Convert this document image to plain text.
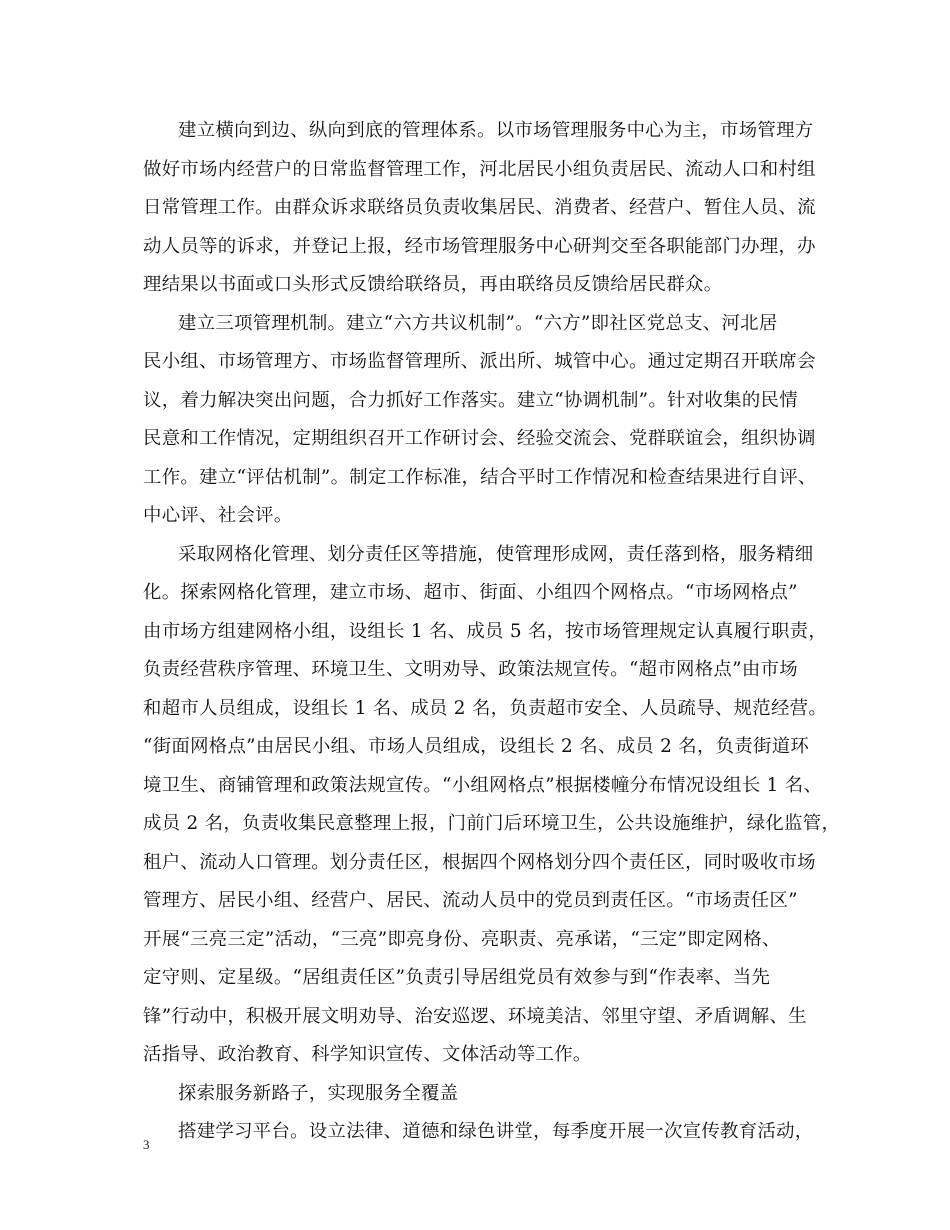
建立横向到边、纵向到底的管理体系。以市场管理服务中心为主，市场管理方
做好市场内经营户的日常监督管理工作，河北居民小组负责居民、流动人口和村组
日常管理工作。由群众诉求联络员负责收集居民、消费者、经营户、暂住人员、流
动人员等的诉求，并登记上报，经市场管理服务中心研判交至各职能部门办理，办
理结果以书面或口头形式反馈给联络员，再由联络员反馈给居民群众。

建立三项管理机制。建立“六方共议机制”。“六方”即社区党总支、河北居
民小组、市场管理方、市场监督管理所、派出所、城管中心。通过定期召开联席会
议，着力解决突出问题，合力抓好工作落实。建立“协调机制”。针对收集的民情
民意和工作情况，定期组织召开工作研讨会、经验交流会、党群联谊会，组织协调
工作。建立“评估机制”。制定工作标准，结合平时工作情况和检查结果进行自评、
中心评、社会评。

采取网格化管理、划分责任区等措施，使管理形成网，责任落到格，服务精细
化。探索网格化管理，建立市场、超市、街面、小组四个网格点。“市场网格点”
由市场方组建网格小组，设组长 1 名、成员 5 名，按市场管理规定认真履行职责，
负责经营秩序管理、环境卫生、文明劝导、政策法规宣传。“超市网格点”由市场
和超市人员组成，设组长 1 名、成员 2 名，负责超市安全、人员疏导、规范经营。
“街面网格点”由居民小组、市场人员组成，设组长 2 名、成员 2 名，负责街道环
境卫生、商铺管理和政策法规宣传。“小组网格点”根据楼幢分布情况设组长 1 名、
成员 2 名，负责收集民意整理上报，门前门后环境卫生，公共设施维护，绿化监管，
租户、流动人口管理。划分责任区，根据四个网格划分四个责任区，同时吸收市场
管理方、居民小组、经营户、居民、流动人员中的党员到责任区。“市场责任区”
开展“三亮三定”活动，“三亮”即亮身份、亮职责、亮承诺，“三定”即定网格、
定守则、定星级。“居组责任区”负责引导居组党员有效参与到“作表率、当先
锋”行动中，积极开展文明劝导、治安巡逻、环境美洁、邻里守望、矛盾调解、生
活指导、政治教育、科学知识宣传、文体活动等工作。

探索服务新路子，实现服务全覆盖

搭建学习平台。设立法律、道德和绿色讲堂，每季度开展一次宣传教育活动，

3
